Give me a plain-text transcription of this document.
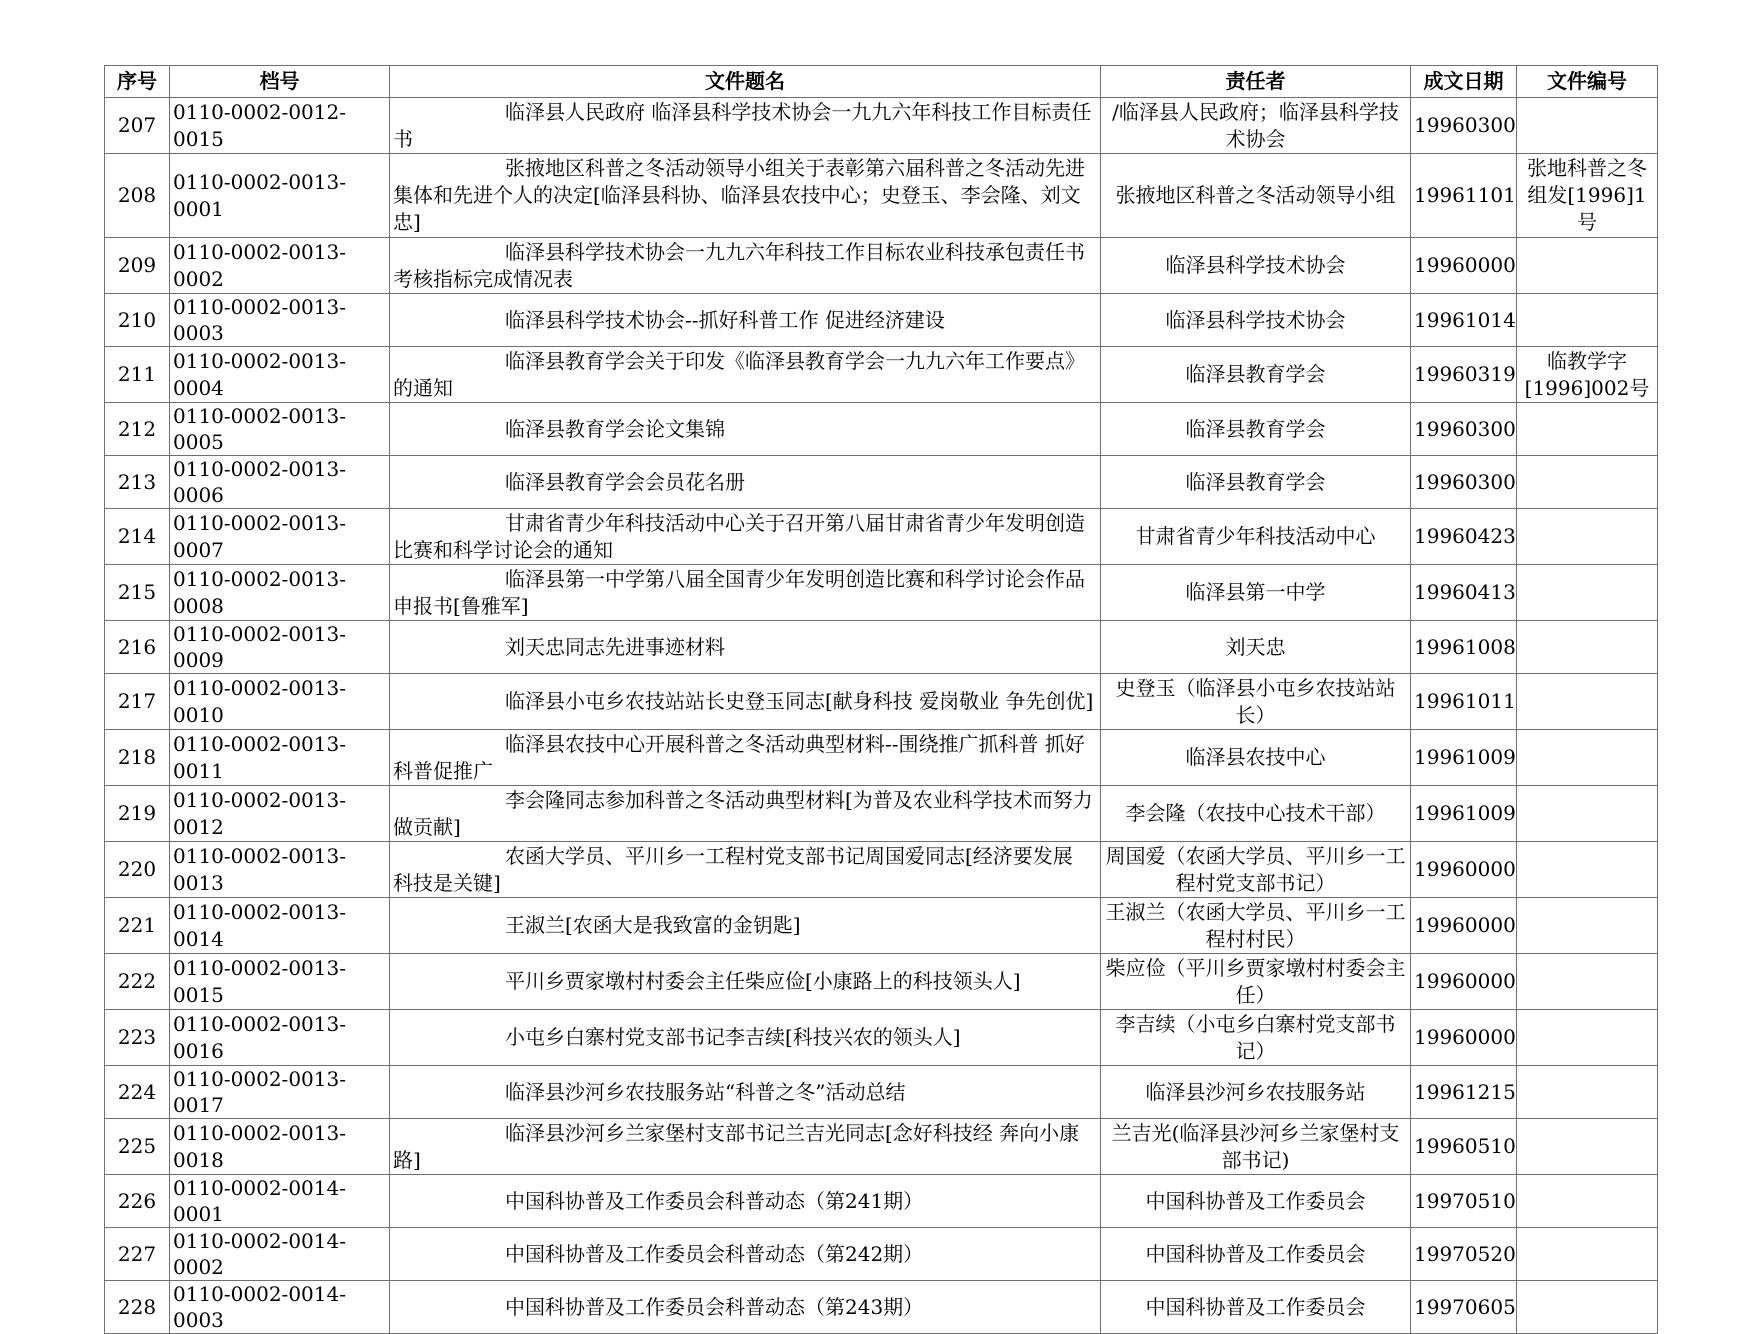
序号	档号	文件题名	责任者	成文日期	文件编号
207	0110-0002-0012-0015	临泽县人民政府 临泽县科学技术协会一九九六年科技工作目标责任书	/临泽县人民政府；临泽县科学技术协会	19960300	
208	0110-0002-0013-0001	张掖地区科普之冬活动领导小组关于表彰第六届科普之冬活动先进集体和先进个人的决定[临泽县科协、临泽县农技中心；史登玉、李会隆、刘文忠]	张掖地区科普之冬活动领导小组	19961101	张地科普之冬组发[1996]1号
209	0110-0002-0013-0002	临泽县科学技术协会一九九六年科技工作目标农业科技承包责任书考核指标完成情况表	临泽县科学技术协会	19960000	
210	0110-0002-0013-0003	临泽县科学技术协会--抓好科普工作 促进经济建设	临泽县科学技术协会	19961014	
211	0110-0002-0013-0004	临泽县教育学会关于印发《临泽县教育学会一九九六年工作要点》的通知	临泽县教育学会	19960319	临教学字[1996]002号
212	0110-0002-0013-0005	临泽县教育学会论文集锦	临泽县教育学会	19960300	
213	0110-0002-0013-0006	临泽县教育学会会员花名册	临泽县教育学会	19960300	
214	0110-0002-0013-0007	甘肃省青少年科技活动中心关于召开第八届甘肃省青少年发明创造比赛和科学讨论会的通知	甘肃省青少年科技活动中心	19960423	
215	0110-0002-0013-0008	临泽县第一中学第八届全国青少年发明创造比赛和科学讨论会作品申报书[鲁雅军]	临泽县第一中学	19960413	
216	0110-0002-0013-0009	刘天忠同志先进事迹材料	刘天忠	19961008	
217	0110-0002-0013-0010	临泽县小屯乡农技站站长史登玉同志[献身科技 爱岗敬业 争先创优]	史登玉（临泽县小屯乡农技站站长）	19961011	
218	0110-0002-0013-0011	临泽县农技中心开展科普之冬活动典型材料--围绕推广抓科普 抓好科普促推广	临泽县农技中心	19961009	
219	0110-0002-0013-0012	李会隆同志参加科普之冬活动典型材料[为普及农业科学技术而努力做贡献]	李会隆（农技中心技术干部）	19961009	
220	0110-0002-0013-0013	农函大学员、平川乡一工程村党支部书记周国爱同志[经济要发展 科技是关键]	周国爱（农函大学员、平川乡一工程村党支部书记）	19960000	
221	0110-0002-0013-0014	王淑兰[农函大是我致富的金钥匙]	王淑兰（农函大学员、平川乡一工程村村民）	19960000	
222	0110-0002-0013-0015	平川乡贾家墩村村委会主任柴应俭[小康路上的科技领头人]	柴应俭（平川乡贾家墩村村委会主任）	19960000	
223	0110-0002-0013-0016	小屯乡白寨村党支部书记李吉续[科技兴农的领头人]	李吉续（小屯乡白寨村党支部书记）	19960000	
224	0110-0002-0013-0017	临泽县沙河乡农技服务站“科普之冬”活动总结	临泽县沙河乡农技服务站	19961215	
225	0110-0002-0013-0018	临泽县沙河乡兰家堡村支部书记兰吉光同志[念好科技经 奔向小康路]	兰吉光(临泽县沙河乡兰家堡村支部书记)	19960510	
226	0110-0002-0014-0001	中国科协普及工作委员会科普动态（第241期）	中国科协普及工作委员会	19970510	
227	0110-0002-0014-0002	中国科协普及工作委员会科普动态（第242期）	中国科协普及工作委员会	19970520	
228	0110-0002-0014-0003	中国科协普及工作委员会科普动态（第243期）	中国科协普及工作委员会	19970605	
